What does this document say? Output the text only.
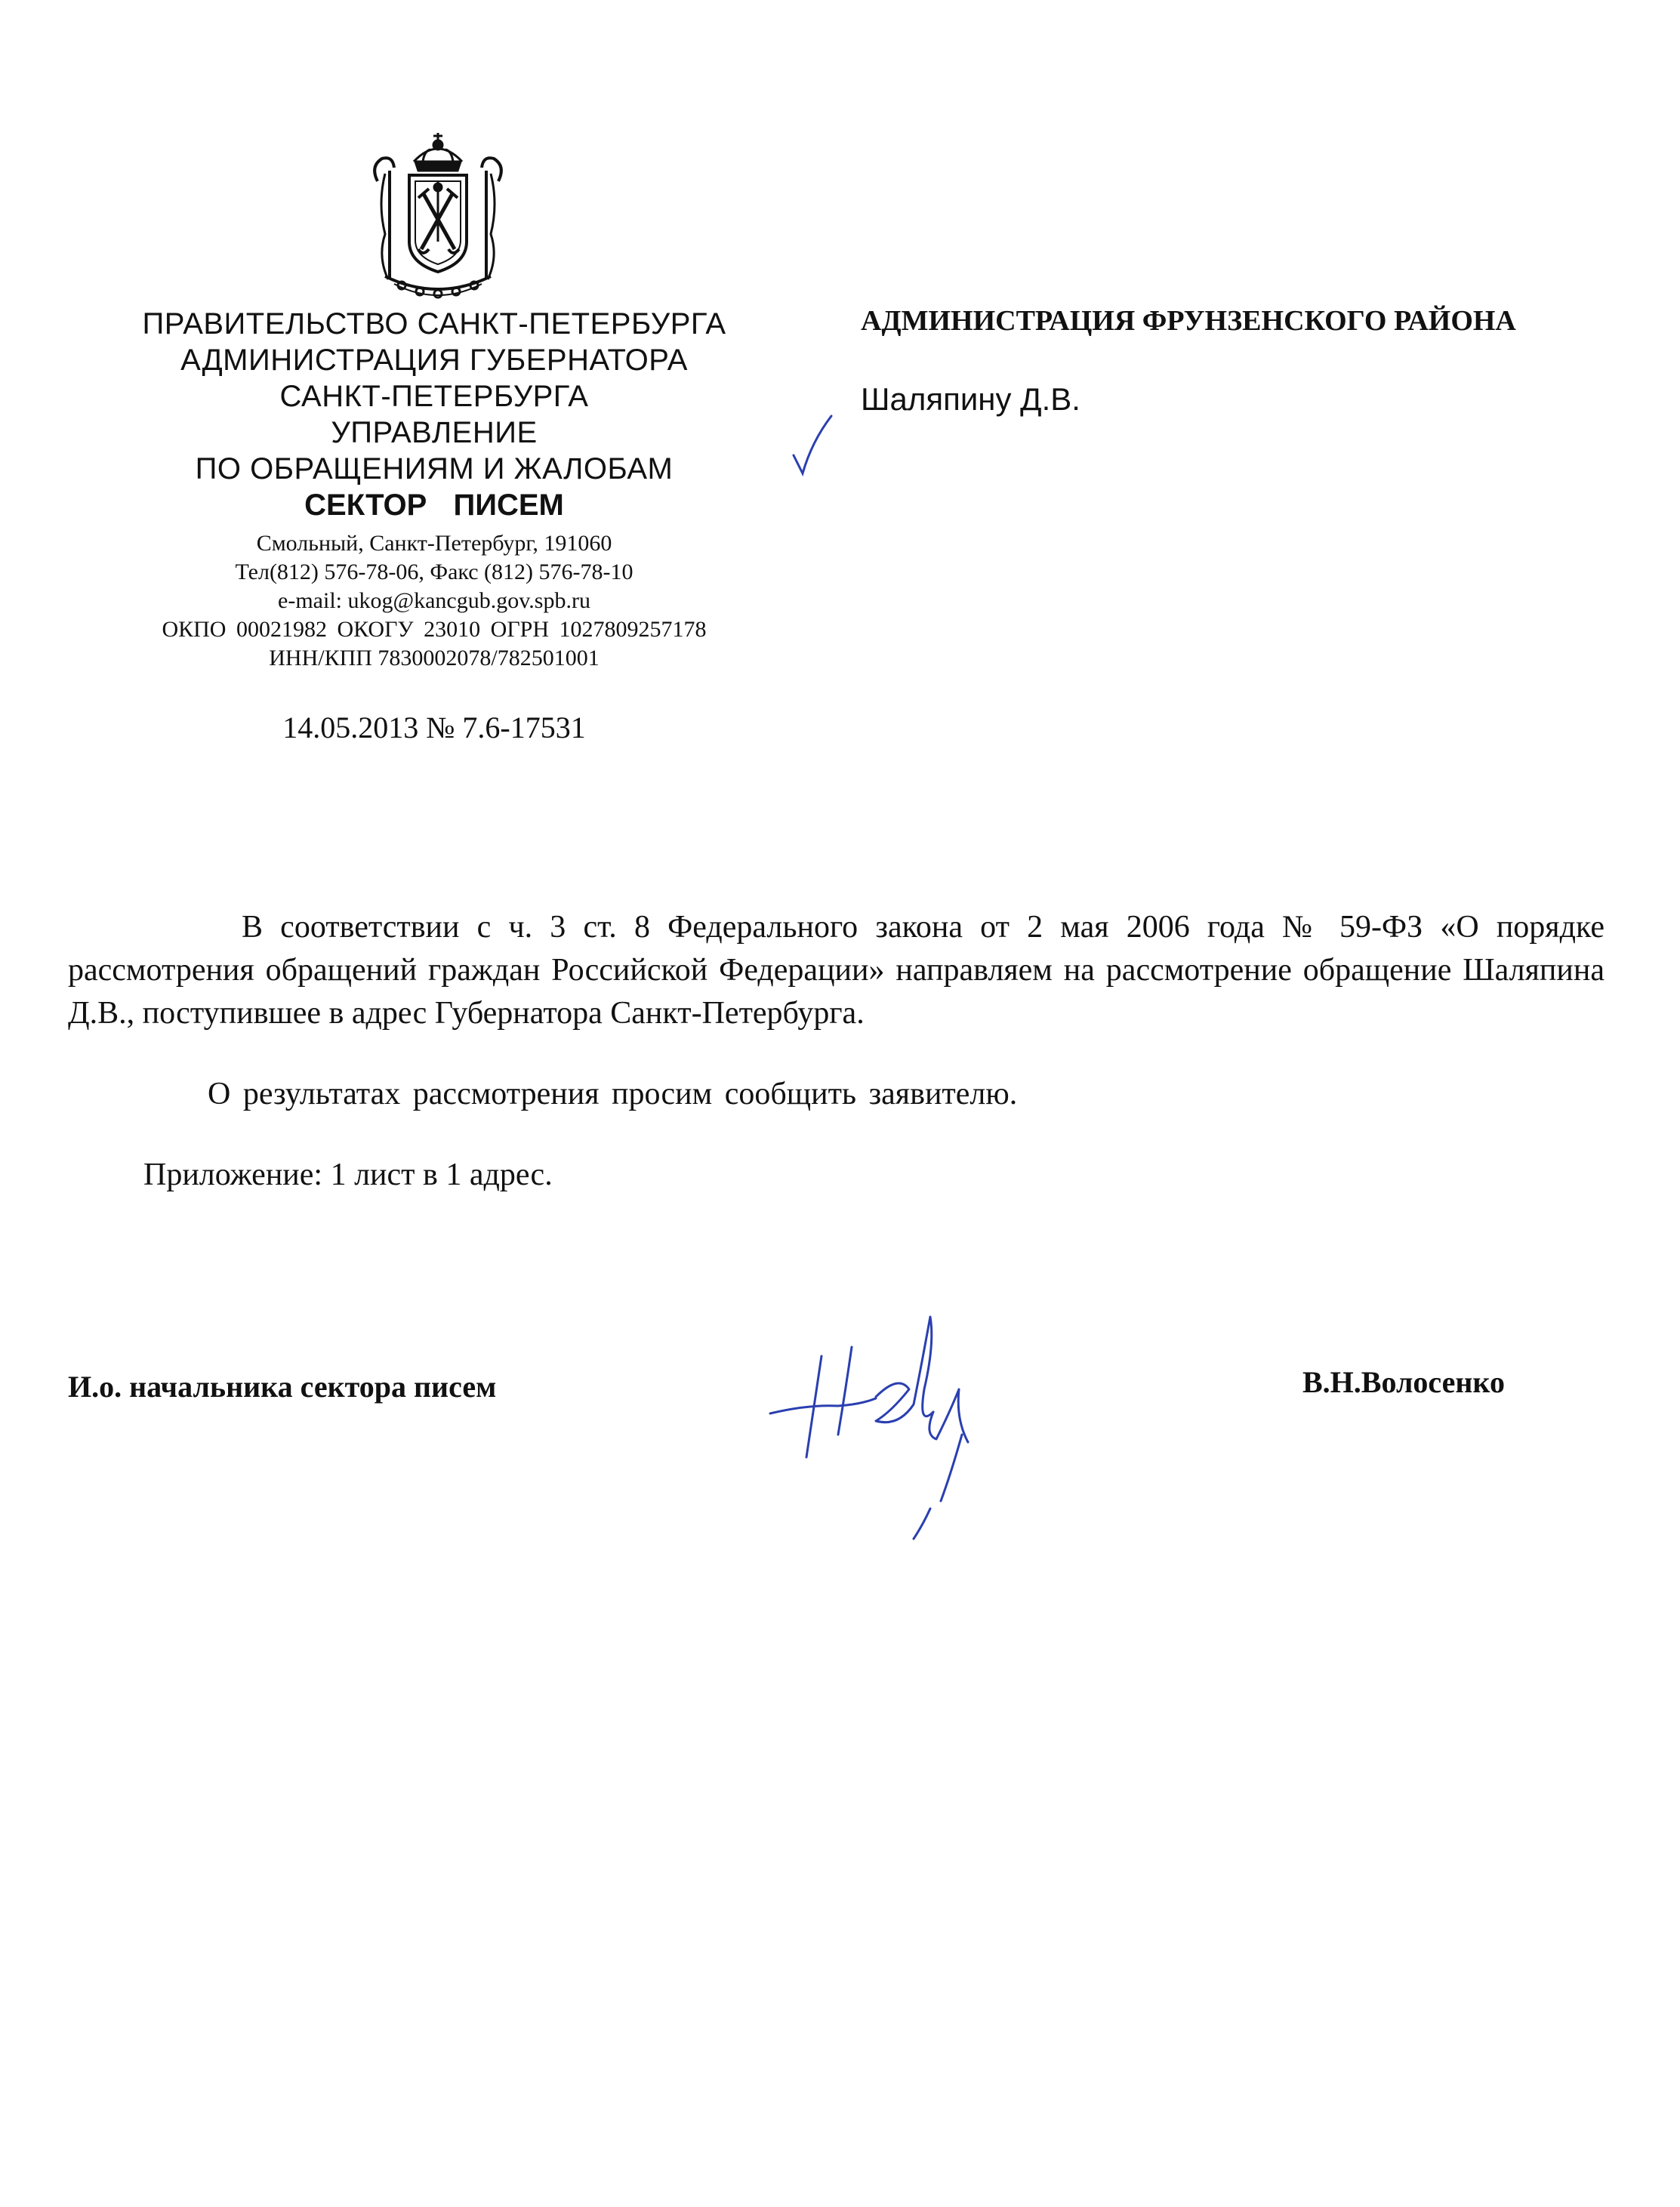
ПРАВИТЕЛЬСТВО САНКТ-ПЕТЕРБУРГА
АДМИНИСТРАЦИЯ ГУБЕРНАТОРА
САНКТ-ПЕТЕРБУРГА
УПРАВЛЕНИЕ
ПО ОБРАЩЕНИЯМ И ЖАЛОБАМ
СЕКТОР ПИСЕМ
Смольный, Санкт-Петербург, 191060
Тел(812) 576-78-06, Факс (812) 576-78-10
e-mail: ukog@kancgub.gov.spb.ru
ОКПО 00021982 ОКОГУ 23010 ОГРН 1027809257178
ИНН/КПП 7830002078/782501001
14.05.2013 № 7.6-17531
АДМИНИСТРАЦИЯ ФРУНЗЕНСКОГО РАЙОНА
Шаляпину Д.В.

В соответствии с ч. 3 ст. 8 Федерального закона от 2 мая 2006 года № 59-ФЗ «О порядке рассмотрения обращений граждан Российской Федерации» направляем на рассмотрение обращение Шаляпина Д.В., поступившее в адрес Губернатора Санкт-Петербурга.

О результатах рассмотрения просим сообщить заявителю.

Приложение: 1 лист в 1 адрес.

И.о. начальника сектора писем	В.Н.Волосенко
